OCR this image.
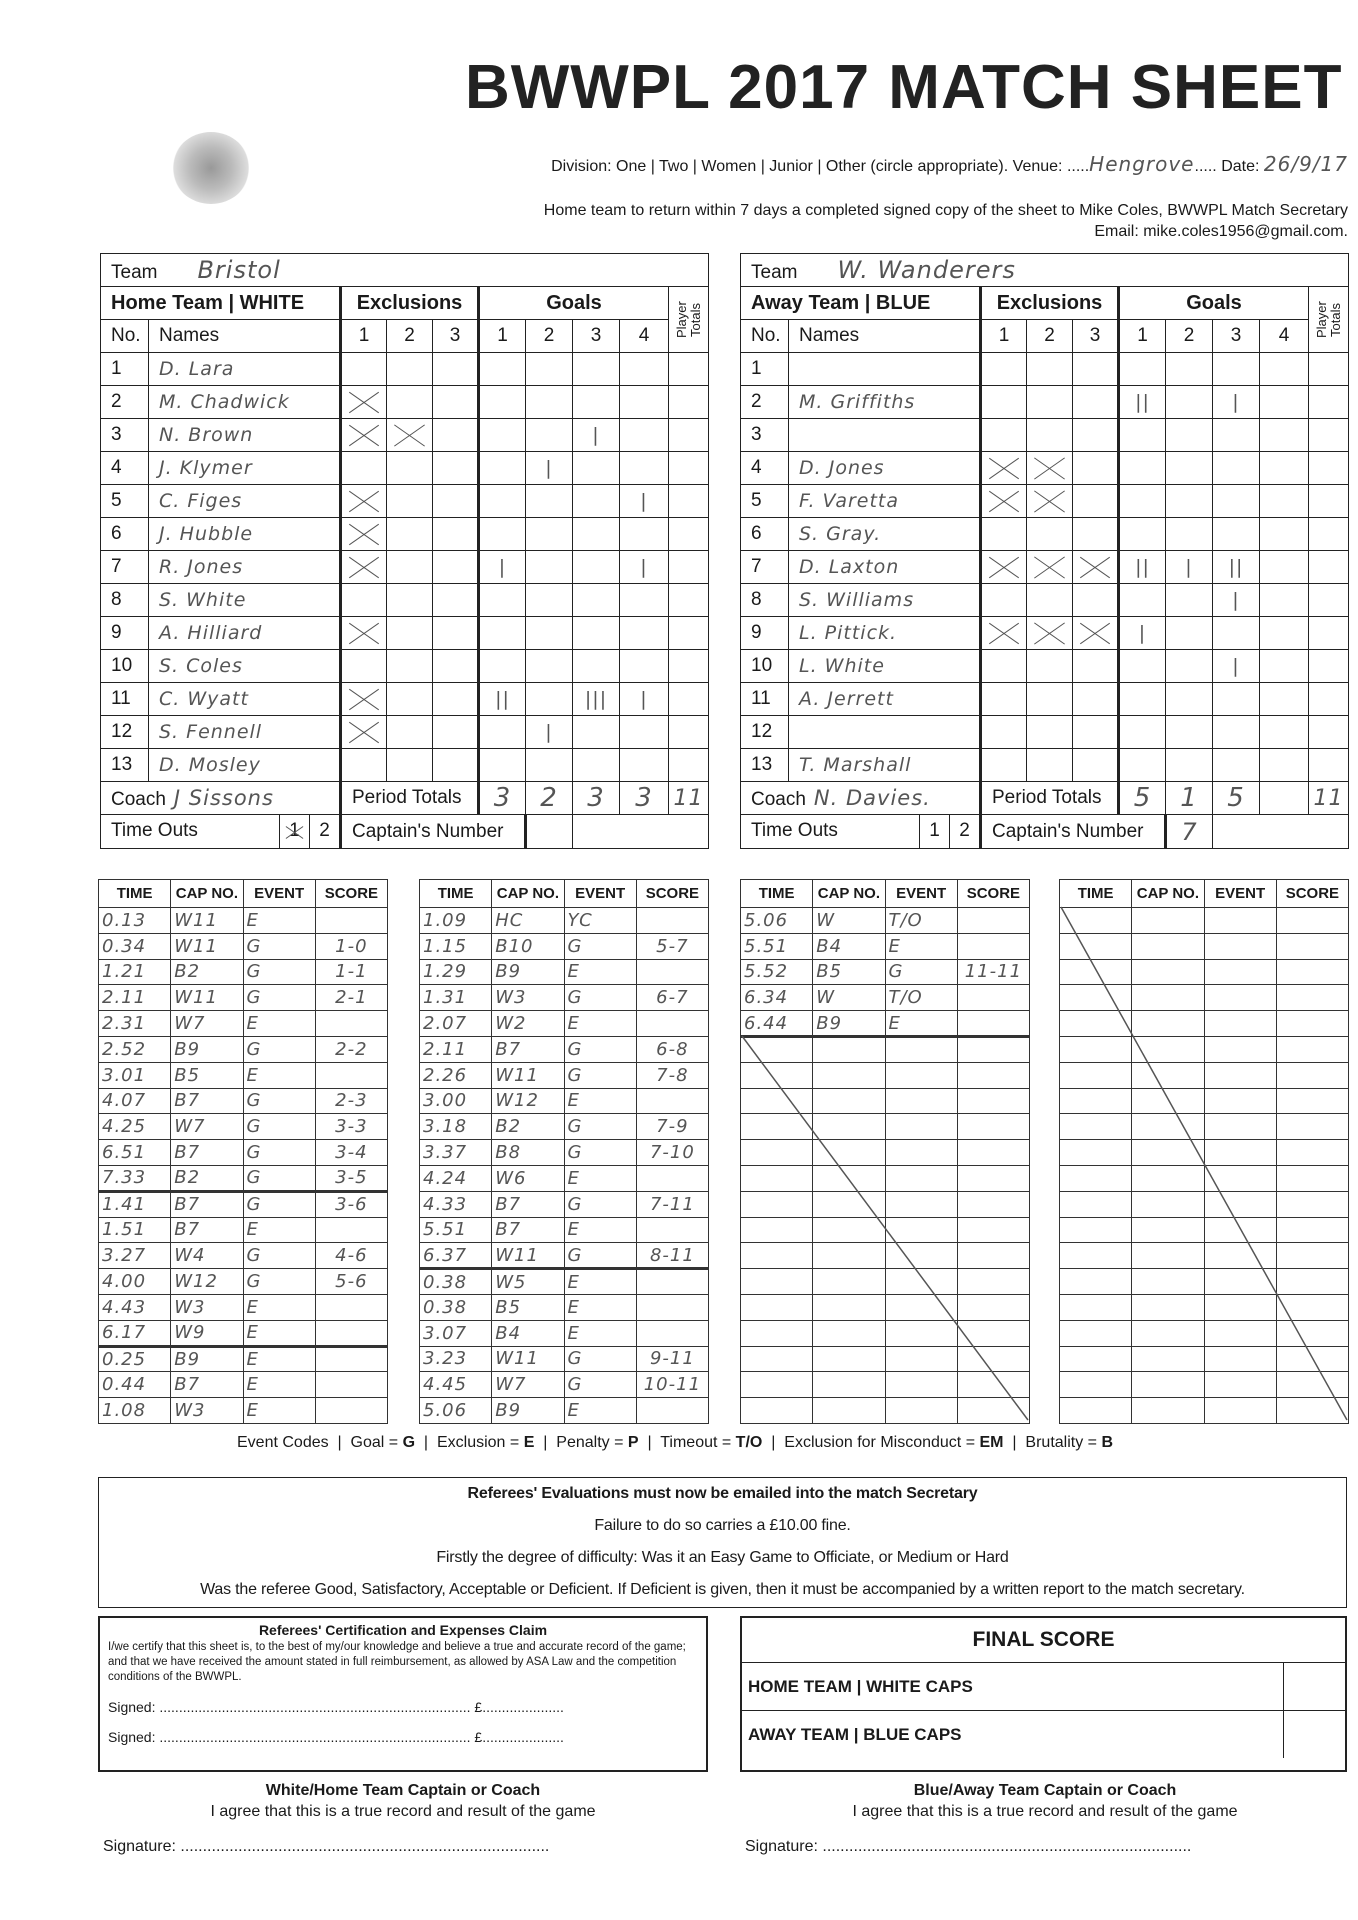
BWWPL 2017 MATCH SHEET
Division: One | Two | Women | Junior | Other (circle appropriate). Venue: .....Hengrove..... Date: 26/9/17
Home team to return within 7 days a completed signed copy of the sheet to Mike Coles, BWWPL Match Secretary
Email: mike.coles1956@gmail.com.
Team Bristol									
Home Team | WHITE		Exclusions			Goals				Player Totals

No.	Names	1	2	3	1	2	3	4	
1	D. Lara								
2	M. Chadwick								
3	N. Brown						|		
4	J. Klymer					|			
5	C. Figes							|	
6	J. Hubble								
7	R. Jones				|			|	
8	S. White								
9	A. Hilliard								
10	S. Coles								
11	C. Wyatt				||		|||	|	
12	S. Fennell					|			
13	D. Mosley								
Coach J Sissons		Period Totals			3	2	3	3	11

Time Outs 1 2		Captain's Number							
Team W. Wanderers									
Away Team | BLUE		Exclusions			Goals				Player Totals

No.	Names	1	2	3	1	2	3	4	
1									
2	M. Griffiths				||		|		
3									
4	D. Jones								
5	F. Varetta								
6	S. Gray.								
7	D. Laxton				||	|	||		
8	S. Williams						|		
9	L. Pittick.				|				
10	L. White						|		
11	A. Jerrett								
12									
13	T. Marshall								
Coach N. Davies.		Period Totals			5	1	5		11

Time Outs 1 2		Captain's Number				7			
TIME	CAP NO.	EVENT	SCORE
0.13	W11	E	
0.34	W11	G	1-0
1.21	B2	G	1-1
2.11	W11	G	2-1
2.31	W7	E	
2.52	B9	G	2-2
3.01	B5	E	
4.07	B7	G	2-3
4.25	W7	G	3-3
6.51	B7	G	3-4
7.33	B2	G	3-5
1.41	B7	G	3-6
1.51	B7	E	
3.27	W4	G	4-6
4.00	W12	G	5-6
4.43	W3	E	
6.17	W9	E	
0.25	B9	E	
0.44	B7	E	
1.08	W3	E	
TIME	CAP NO.	EVENT	SCORE
1.09	HC	YC	
1.15	B10	G	5-7
1.29	B9	E	
1.31	W3	G	6-7
2.07	W2	E	
2.11	B7	G	6-8
2.26	W11	G	7-8
3.00	W12	E	
3.18	B2	G	7-9
3.37	B8	G	7-10
4.24	W6	E	
4.33	B7	G	7-11
5.51	B7	E	
6.37	W11	G	8-11
0.38	W5	E	
0.38	B5	E	
3.07	B4	E	
3.23	W11	G	9-11
4.45	W7	G	10-11
5.06	B9	E	
TIME	CAP NO.	EVENT	SCORE
5.06	W	T/O	
5.51	B4	E	
5.52	B5	G	11-11
6.34	W	T/O	
6.44	B9	E	

TIME	CAP NO.	EVENT	SCORE

Event Codes  |  Goal = G  |  Exclusion = E  |  Penalty = P  |  Timeout = T/O  |  Exclusion for Misconduct = EM  |  Brutality = B
Referees' Evaluations must now be emailed into the match Secretary
Failure to do so carries a £10.00 fine.
Firstly the degree of difficulty: Was it an Easy Game to Officiate, or Medium or Hard
Was the referee Good, Satisfactory, Acceptable or Deficient. If Deficient is given, then it must be accompanied by a written report to the match secretary.
Referees' Certification and Expenses Claim
I/we certify that this sheet is, to the best of my/our knowledge and believe a true and accurate record of the game; and that we have received the amount stated in full reimbursement, as allowed by ASA Law and the competition conditions of the BWWPL.
Signed: ................................................................................ £.....................
Signed: ................................................................................ £.....................
FINAL SCORE
HOME TEAM | WHITE CAPS
AWAY TEAM | BLUE CAPS
White/Home Team Captain or Coach
I agree that this is a true record and result of the game
Blue/Away Team Captain or Coach
I agree that this is a true record and result of the game
Signature: ...................................................................................	Signature: ...................................................................................
